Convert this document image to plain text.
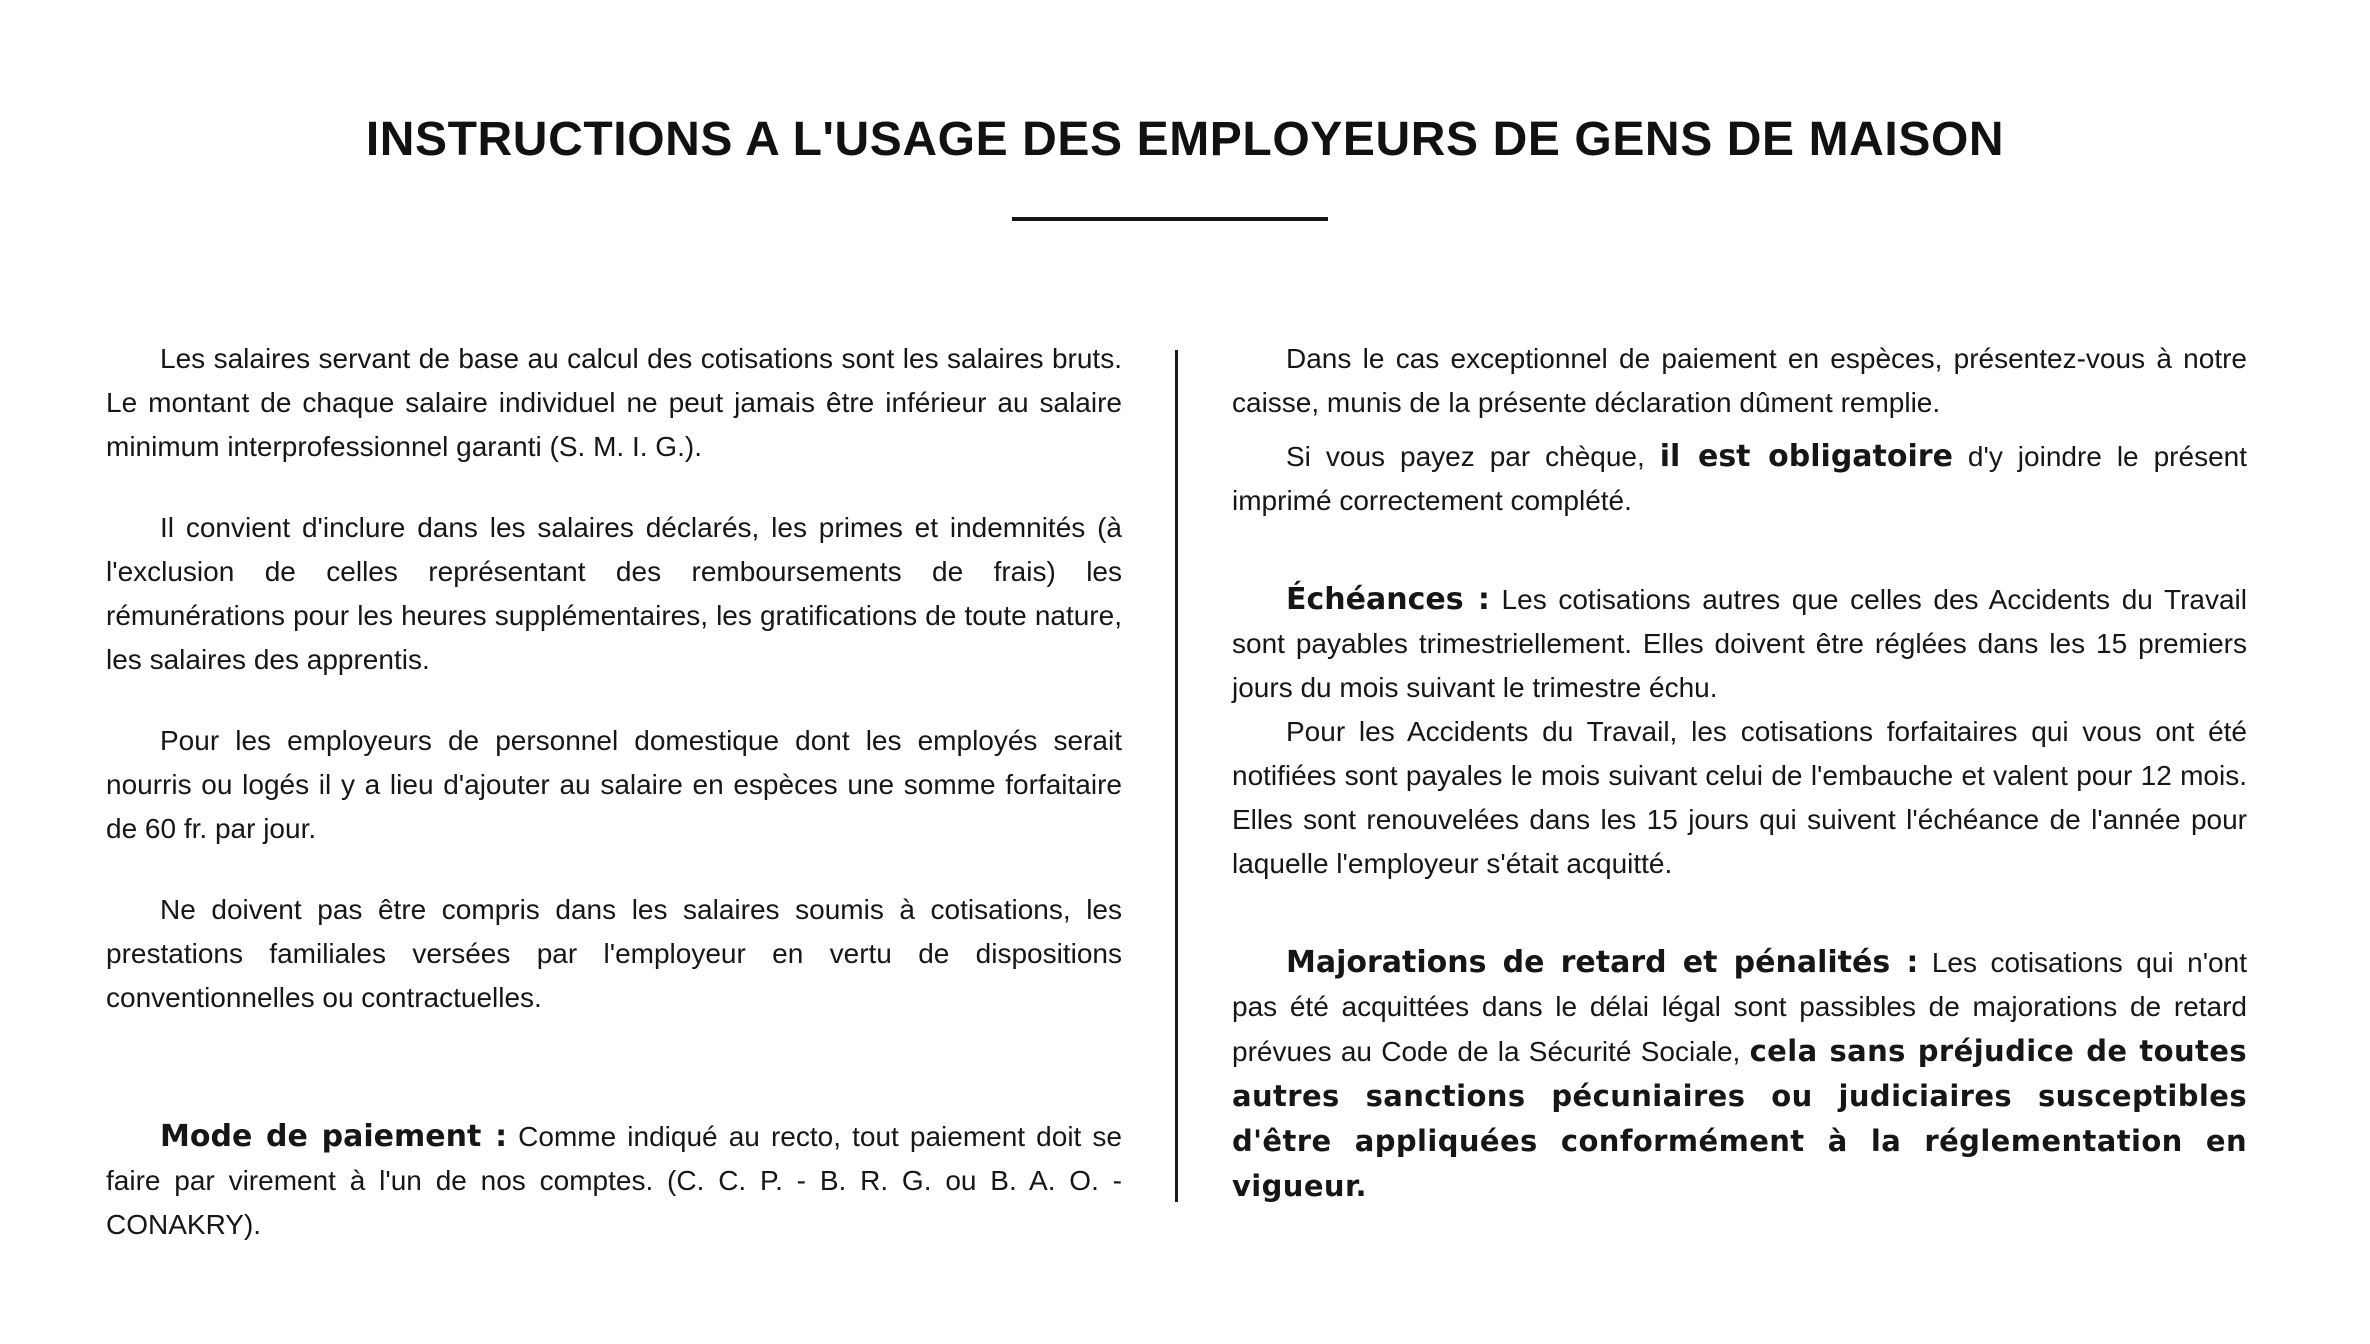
INSTRUCTIONS A L'USAGE DES EMPLOYEURS DE GENS DE MAISON

Les salaires servant de base au calcul des cotisations sont les salaires bruts. Le montant de chaque salaire individuel ne peut jamais être inférieur au salaire minimum interprofessionnel garanti (S. M. I. G.).

Il convient d'inclure dans les salaires déclarés, les primes et indemnités (à l'exclusion de celles représentant des remboursements de frais) les rémunérations pour les heures supplémentaires, les gratifications de toute nature, les salaires des apprentis.

Pour les employeurs de personnel domestique dont les employés serait nourris ou logés il y a lieu d'ajouter au salaire en espèces une somme forfaitaire de 60 fr. par jour.

Ne doivent pas être compris dans les salaires soumis à cotisations, les prestations familiales versées par l'employeur en vertu de dispositions conventionnelles ou contractuelles.

Mode de paiement : Comme indiqué au recto, tout paiement doit se faire par virement à l'un de nos comptes. (C. C. P. - B. R. G. ou B. A. O. - CONAKRY).

Dans le cas exceptionnel de paiement en espèces, présentez-vous à notre caisse, munis de la présente déclaration dûment remplie.

Si vous payez par chèque, il est obligatoire d'y joindre le présent imprimé correctement complété.

Échéances : Les cotisations autres que celles des Accidents du Travail sont payables trimestriellement. Elles doivent être réglées dans les 15 premiers jours du mois suivant le trimestre échu.

Pour les Accidents du Travail, les cotisations forfaitaires qui vous ont été notifiées sont payales le mois suivant celui de l'embauche et valent pour 12 mois. Elles sont renouvelées dans les 15 jours qui suivent l'échéance de l'année pour laquelle l'employeur s'était acquitté.

Majorations de retard et pénalités : Les cotisations qui n'ont pas été acquittées dans le délai légal sont passibles de majorations de retard prévues au Code de la Sécurité Sociale, cela sans préjudice de toutes autres sanctions pécuniaires ou judiciaires susceptibles d'être appliquées conformément à la réglementation en vigueur.
